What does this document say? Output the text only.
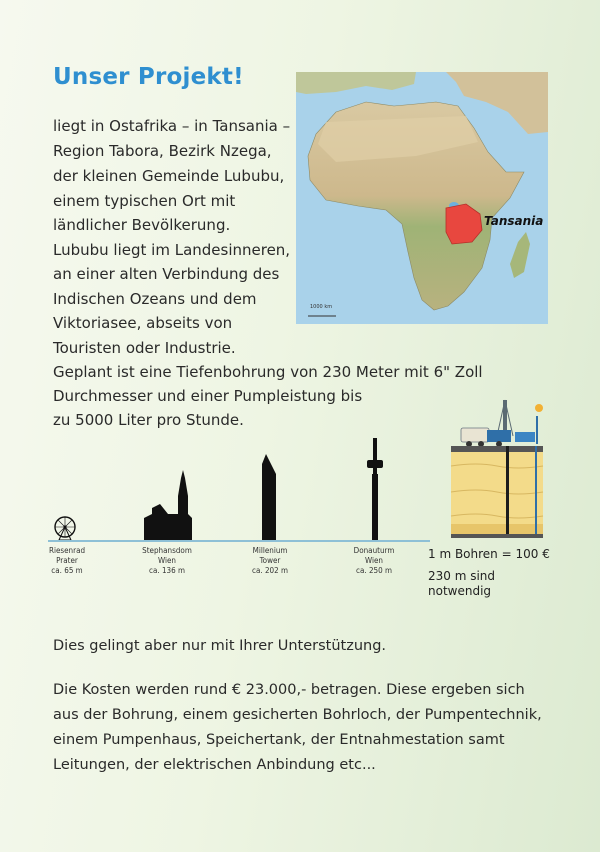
Unser Projekt!
liegt in Ostafrika – in Tansania –
Region Tabora, Bezirk Nzega,
der kleinen Gemeinde Lububu,
einem typischen Ort mit
ländlicher Bevölkerung.
Lububu liegt im Landesinneren,
an einer alten Verbindung des
Indischen Ozeans und dem
Viktoriasee, abseits von
Touristen oder Industrie.
Geplant ist eine Tiefenbohrung von 230 Meter mit 6" Zoll
Durchmesser und einer Pumpleistung bis
zu 5000 Liter pro Stunde.
Tansania
1000 km
Riesenrad
Prater
ca. 65 m
Stephansdom
Wien
ca. 136 m
Millenium
Tower
ca. 202 m
Donauturm
Wien
ca. 250 m
1 m Bohren = 100 €
230 m sind
notwendig
Dies gelingt aber nur mit Ihrer Unterstützung.
Die Kosten werden rund € 23.000,- betragen. Diese ergeben sich
aus der Bohrung, einem gesicherten Bohrloch, der Pumpentechnik,
einem Pumpenhaus, Speichertank, der Entnahmestation samt
Leitungen, der elektrischen Anbindung etc...
